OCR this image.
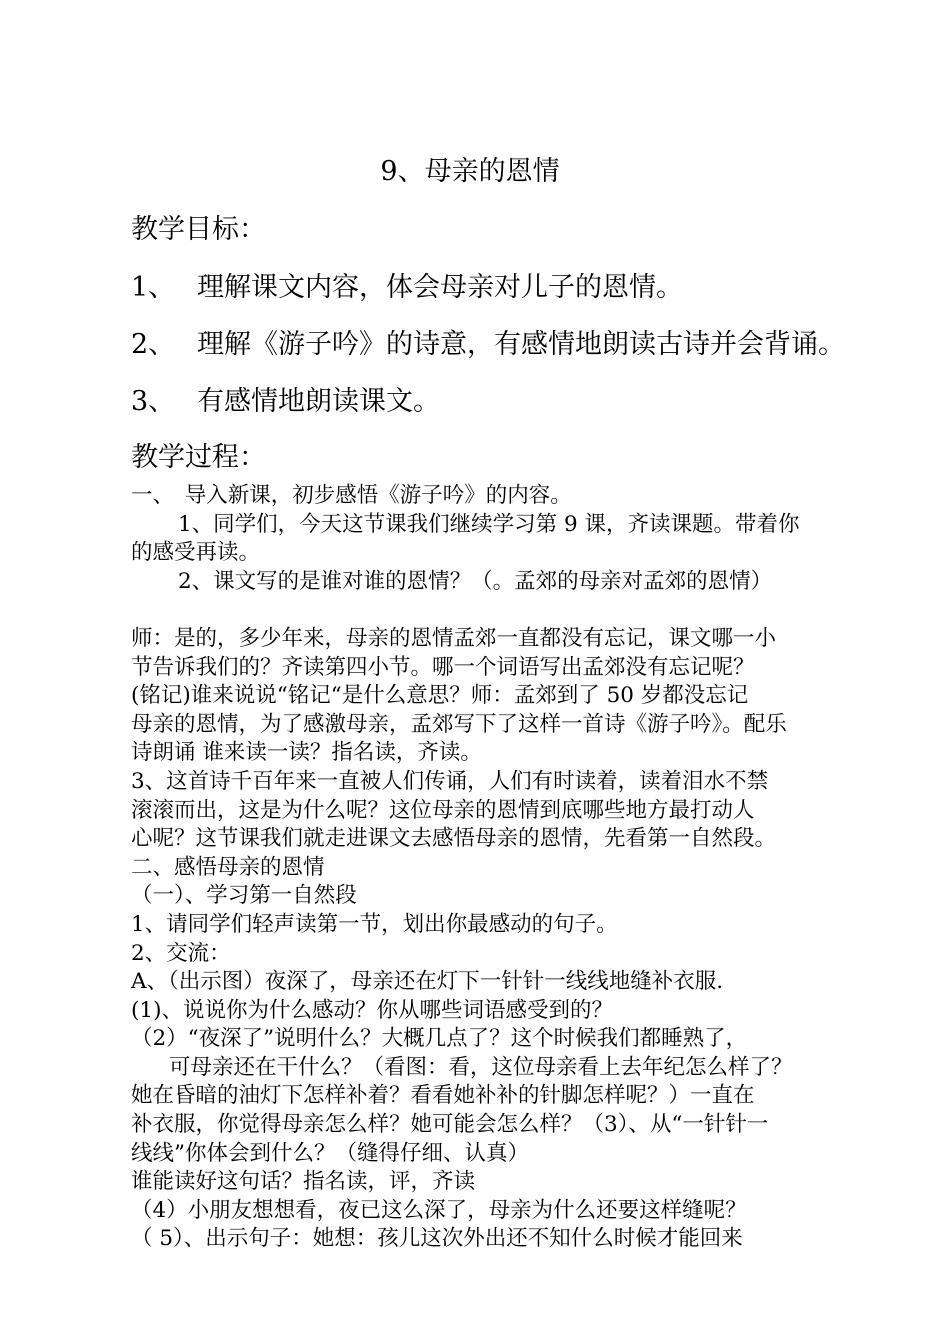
9、母亲的恩情
教学目标：
1、 理解课文内容，体会母亲对儿子的恩情。
2、 理解《游子吟》的诗意，有感情地朗读古诗并会背诵。
3、 有感情地朗读课文。
教学过程：

一、　导入新课，初步感悟《游子吟》的内容。

1、同学们，今天这节课我们继续学习第 9 课，齐读课题。带着你

的感受再读。

2、课文写的是谁对谁的恩情？（。孟郊的母亲对孟郊的恩情）

师：是的，多少年来，母亲的恩情孟郊一直都没有忘记，课文哪一小

节告诉我们的？齐读第四小节。哪一个词语写出孟郊没有忘记呢？

(铭记)谁来说说“铭记“是什么意思？师：孟郊到了 50 岁都没忘记

母亲的恩情，为了感激母亲，孟郊写下了这样一首诗《游子吟》。配乐

诗朗诵 谁来读一读？指名读，齐读。

3、这首诗千百年来一直被人们传诵，人们有时读着，读着泪水不禁

滚滚而出，这是为什么呢？这位母亲的恩情到底哪些地方最打动人

心呢？这节课我们就走进课文去感悟母亲的恩情，先看第一自然段。

二、感悟母亲的恩情

（一）、学习第一自然段

1、请同学们轻声读第一节，划出你最感动的句子。

2、交流：

A、（出示图）夜深了，母亲还在灯下一针针一线线地缝补衣服.

(1)、说说你为什么感动？你从哪些词语感受到的？

（2）“夜深了”说明什么？大概几点了？这个时候我们都睡熟了，

可母亲还在干什么？（看图：看，这位母亲看上去年纪怎么样了？

她在昏暗的油灯下怎样补着？看看她补补的针脚怎样呢？）一直在

补衣服，你觉得母亲怎么样？她可能会怎么样？（3）、从“一针针一

线线”你体会到什么？（缝得仔细、认真）

谁能读好这句话？指名读，评，齐读

（4）小朋友想想看，夜已这么深了，母亲为什么还要这样缝呢？

（ 5）、出示句子：她想：孩儿这次外出还不知什么时候才能回来
